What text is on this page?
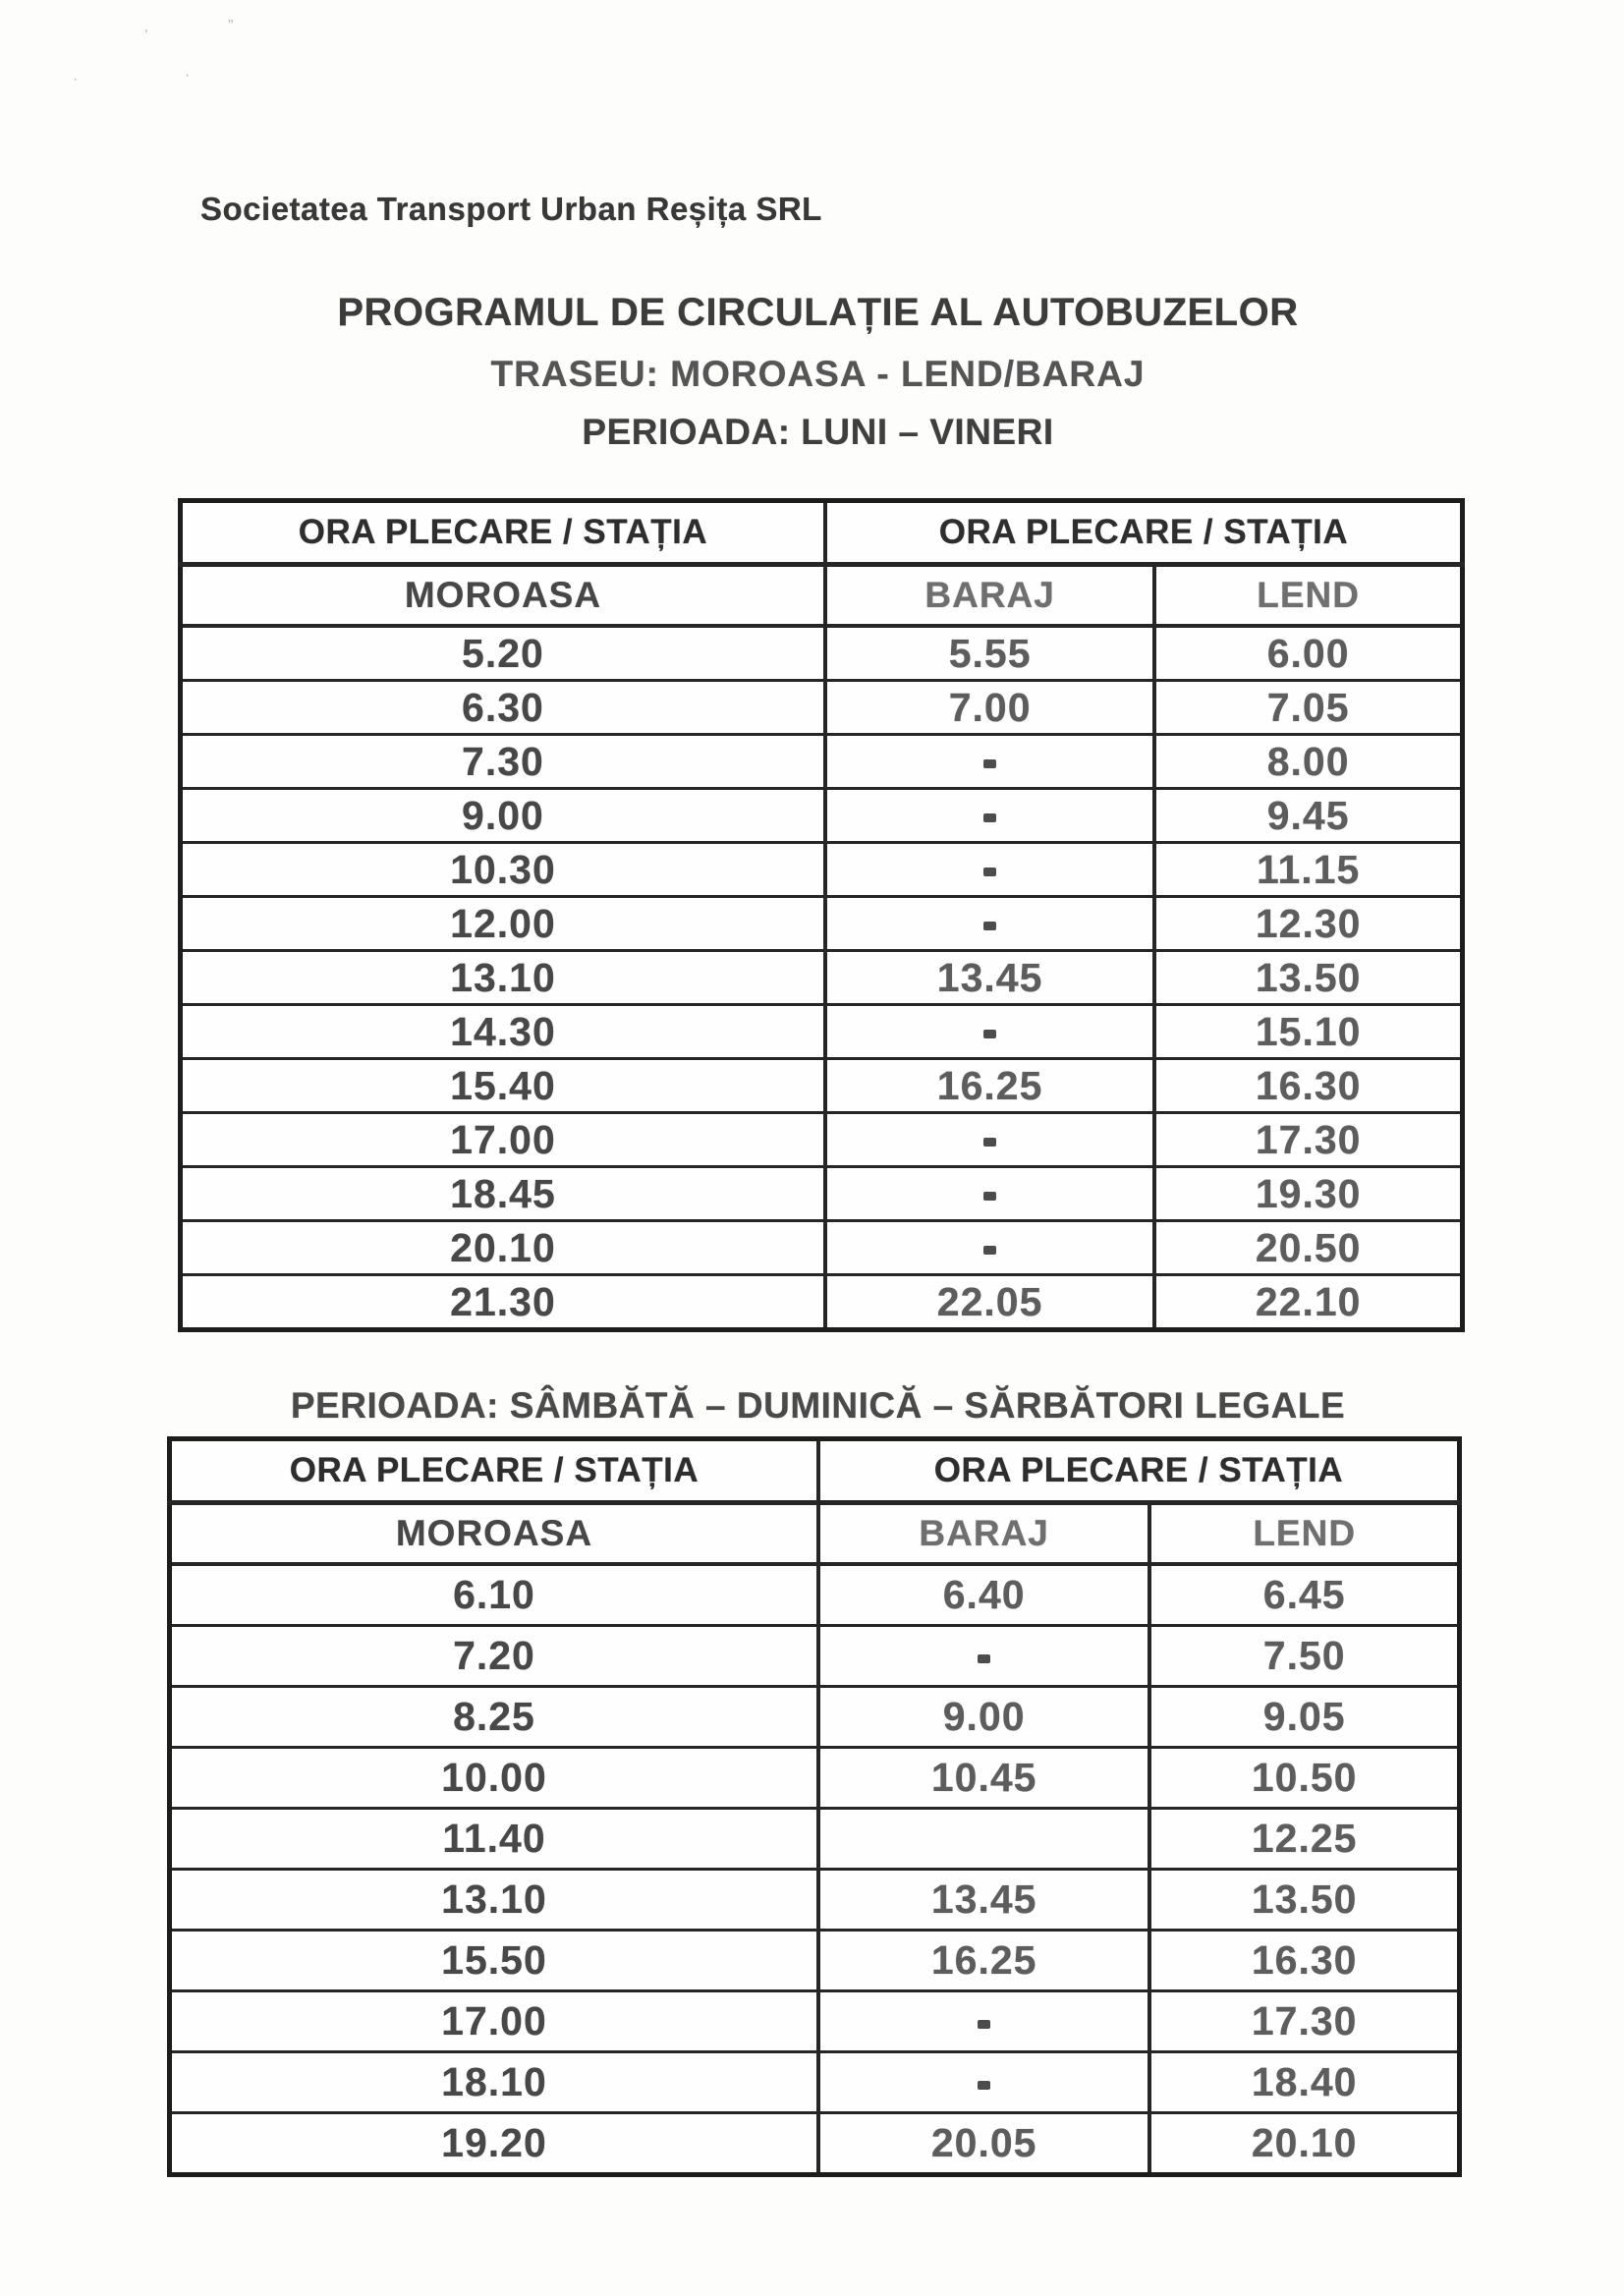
’
”
·	·
Societatea Transport Urban Reșița SRL
PROGRAMUL DE CIRCULAȚIE AL AUTOBUZELOR
TRASEU: MOROASA - LEND/BARAJ
PERIOADA: LUNI – VINERI
ORA PLECARE / STAȚIA	ORA PLECARE / STAȚIA	
MOROASA	BARAJ	LEND
5.20	5.55	6.00
6.30	7.00	7.05
7.30		8.00
9.00		9.45
10.30		11.15
12.00		12.30
13.10	13.45	13.50
14.30		15.10
15.40	16.25	16.30
17.00		17.30
18.45		19.30
20.10		20.50
21.30	22.05	22.10
PERIOADA: SÂMBĂTĂ – DUMINICĂ – SĂRBĂTORI LEGALE
ORA PLECARE / STAȚIA	ORA PLECARE / STAȚIA	
MOROASA	BARAJ	LEND
6.10	6.40	6.45
7.20		7.50
8.25	9.00	9.05
10.00	10.45	10.50
11.40		12.25
13.10	13.45	13.50
15.50	16.25	16.30
17.00		17.30
18.10		18.40
19.20	20.05	20.10
